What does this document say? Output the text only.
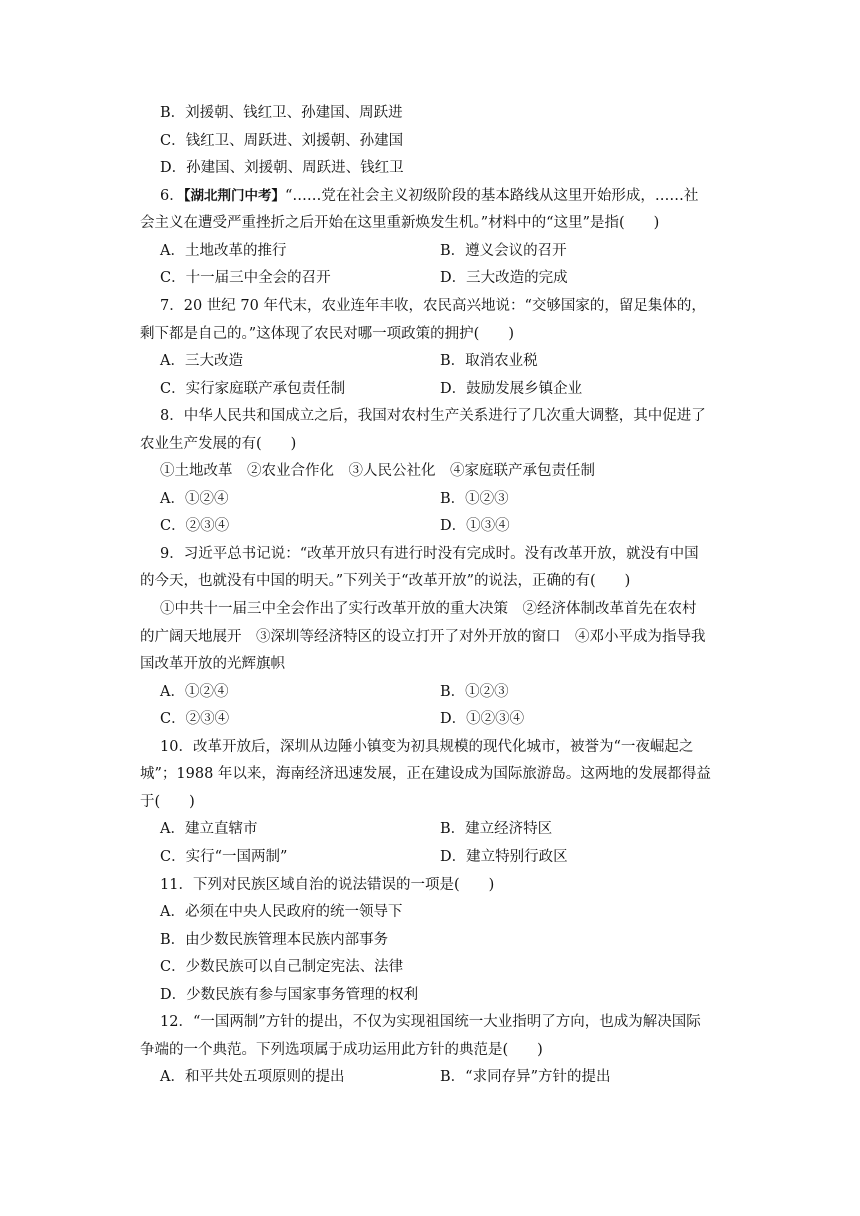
B．刘援朝、钱红卫、孙建国、周跃进
C．钱红卫、周跃进、刘援朝、孙建国
D．孙建国、刘援朝、周跃进、钱红卫
6．【湖北荆门中考】“……党在社会主义初级阶段的基本路线从这里开始形成，……社
会主义在遭受严重挫折之后开始在这里重新焕发生机。”材料中的“这里”是指(　　)
A．土地改革的推行	B．遵义会议的召开
C．十一届三中全会的召开	D．三大改造的完成
7．20 世纪 70 年代末，农业连年丰收，农民高兴地说：“交够国家的，留足集体的，
剩下都是自己的。”这体现了农民对哪一项政策的拥护(　　)
A．三大改造	B．取消农业税
C．实行家庭联产承包责任制	D．鼓励发展乡镇企业
8．中华人民共和国成立之后，我国对农村生产关系进行了几次重大调整，其中促进了
农业生产发展的有(　　)
①土地改革　②农业合作化　③人民公社化　④家庭联产承包责任制
A．①②④	B．①②③
C．②③④	D．①③④
9．习近平总书记说：“改革开放只有进行时没有完成时。没有改革开放，就没有中国
的今天，也就没有中国的明天。”下列关于“改革开放”的说法，正确的有(　　)
①中共十一届三中全会作出了实行改革开放的重大决策　②经济体制改革首先在农村
的广阔天地展开　③深圳等经济特区的设立打开了对外开放的窗口　④邓小平成为指导我
国改革开放的光辉旗帜
A．①②④	B．①②③
C．②③④	D．①②③④
10．改革开放后，深圳从边陲小镇变为初具规模的现代化城市，被誉为“一夜崛起之
城”；1988 年以来，海南经济迅速发展，正在建设成为国际旅游岛。这两地的发展都得益
于(　　)
A．建立直辖市	B．建立经济特区
C．实行“一国两制”	D．建立特别行政区
11．下列对民族区域自治的说法错误的一项是(　　)
A．必须在中央人民政府的统一领导下
B．由少数民族管理本民族内部事务
C．少数民族可以自己制定宪法、法律
D．少数民族有参与国家事务管理的权利
12．“一国两制”方针的提出，不仅为实现祖国统一大业指明了方向，也成为解决国际
争端的一个典范。下列选项属于成功运用此方针的典范是(　　)
A．和平共处五项原则的提出	B．“求同存异”方针的提出
